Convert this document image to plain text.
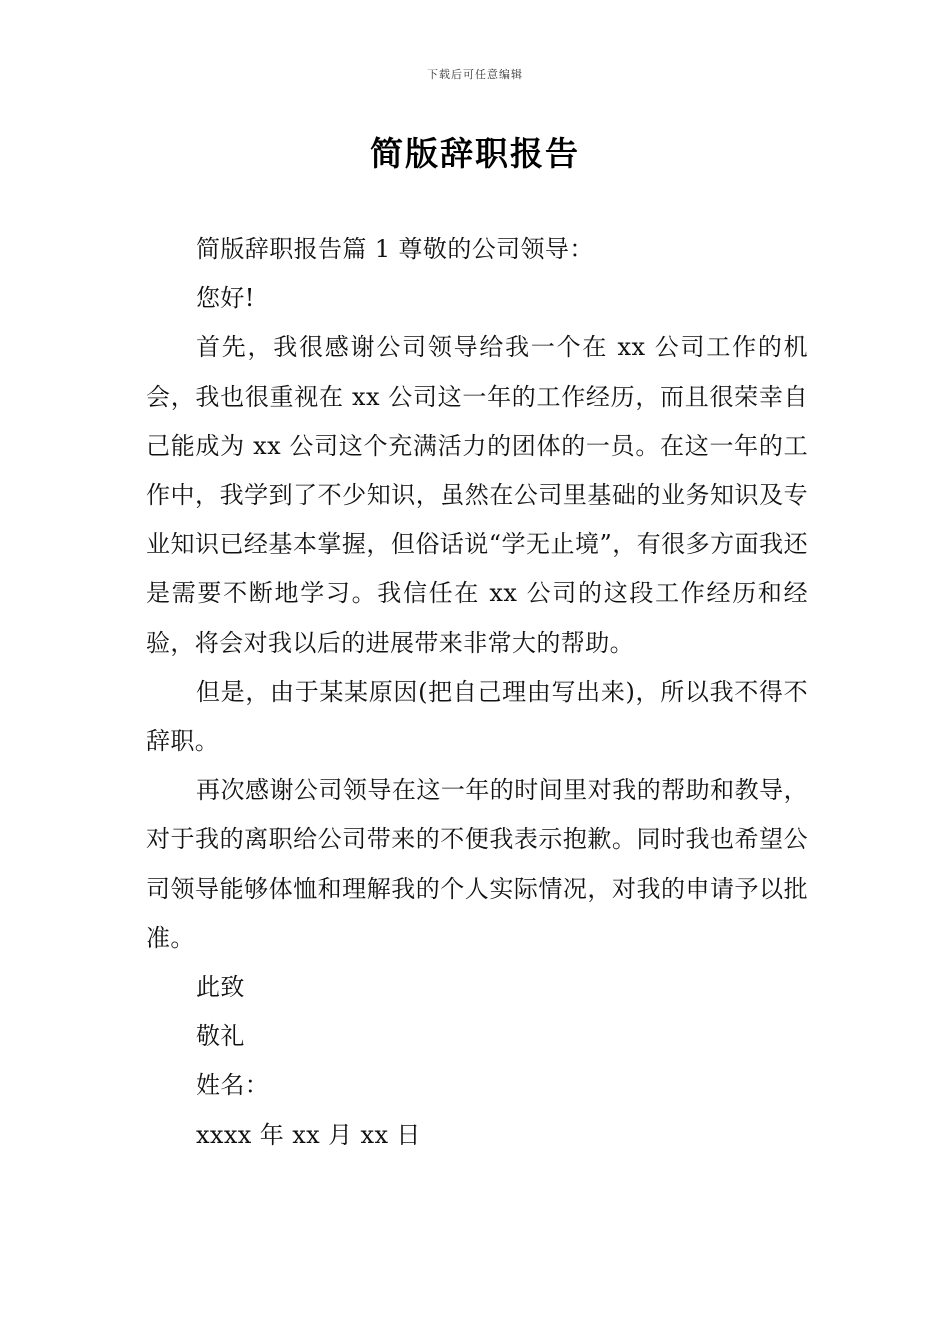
下载后可任意编辑
简版辞职报告

简版辞职报告篇 1 尊敬的公司领导：

您好!

首先，我很感谢公司领导给我一个在 xx 公司工作的机会，我也很重视在 xx 公司这一年的工作经历，而且很荣幸自己能成为 xx 公司这个充满活力的团体的一员。在这一年的工作中，我学到了不少知识，虽然在公司里基础的业务知识及专业知识已经基本掌握，但俗话说“学无止境”，有很多方面我还是需要不断地学习。我信任在 xx 公司的这段工作经历和经验，将会对我以后的进展带来非常大的帮助。

但是，由于某某原因(把自己理由写出来)，所以我不得不辞职。

再次感谢公司领导在这一年的时间里对我的帮助和教导，对于我的离职给公司带来的不便我表示抱歉。同时我也希望公司领导能够体恤和理解我的个人实际情况，对我的申请予以批准。

此致

敬礼

姓名：

xxxx 年 xx 月 xx 日
